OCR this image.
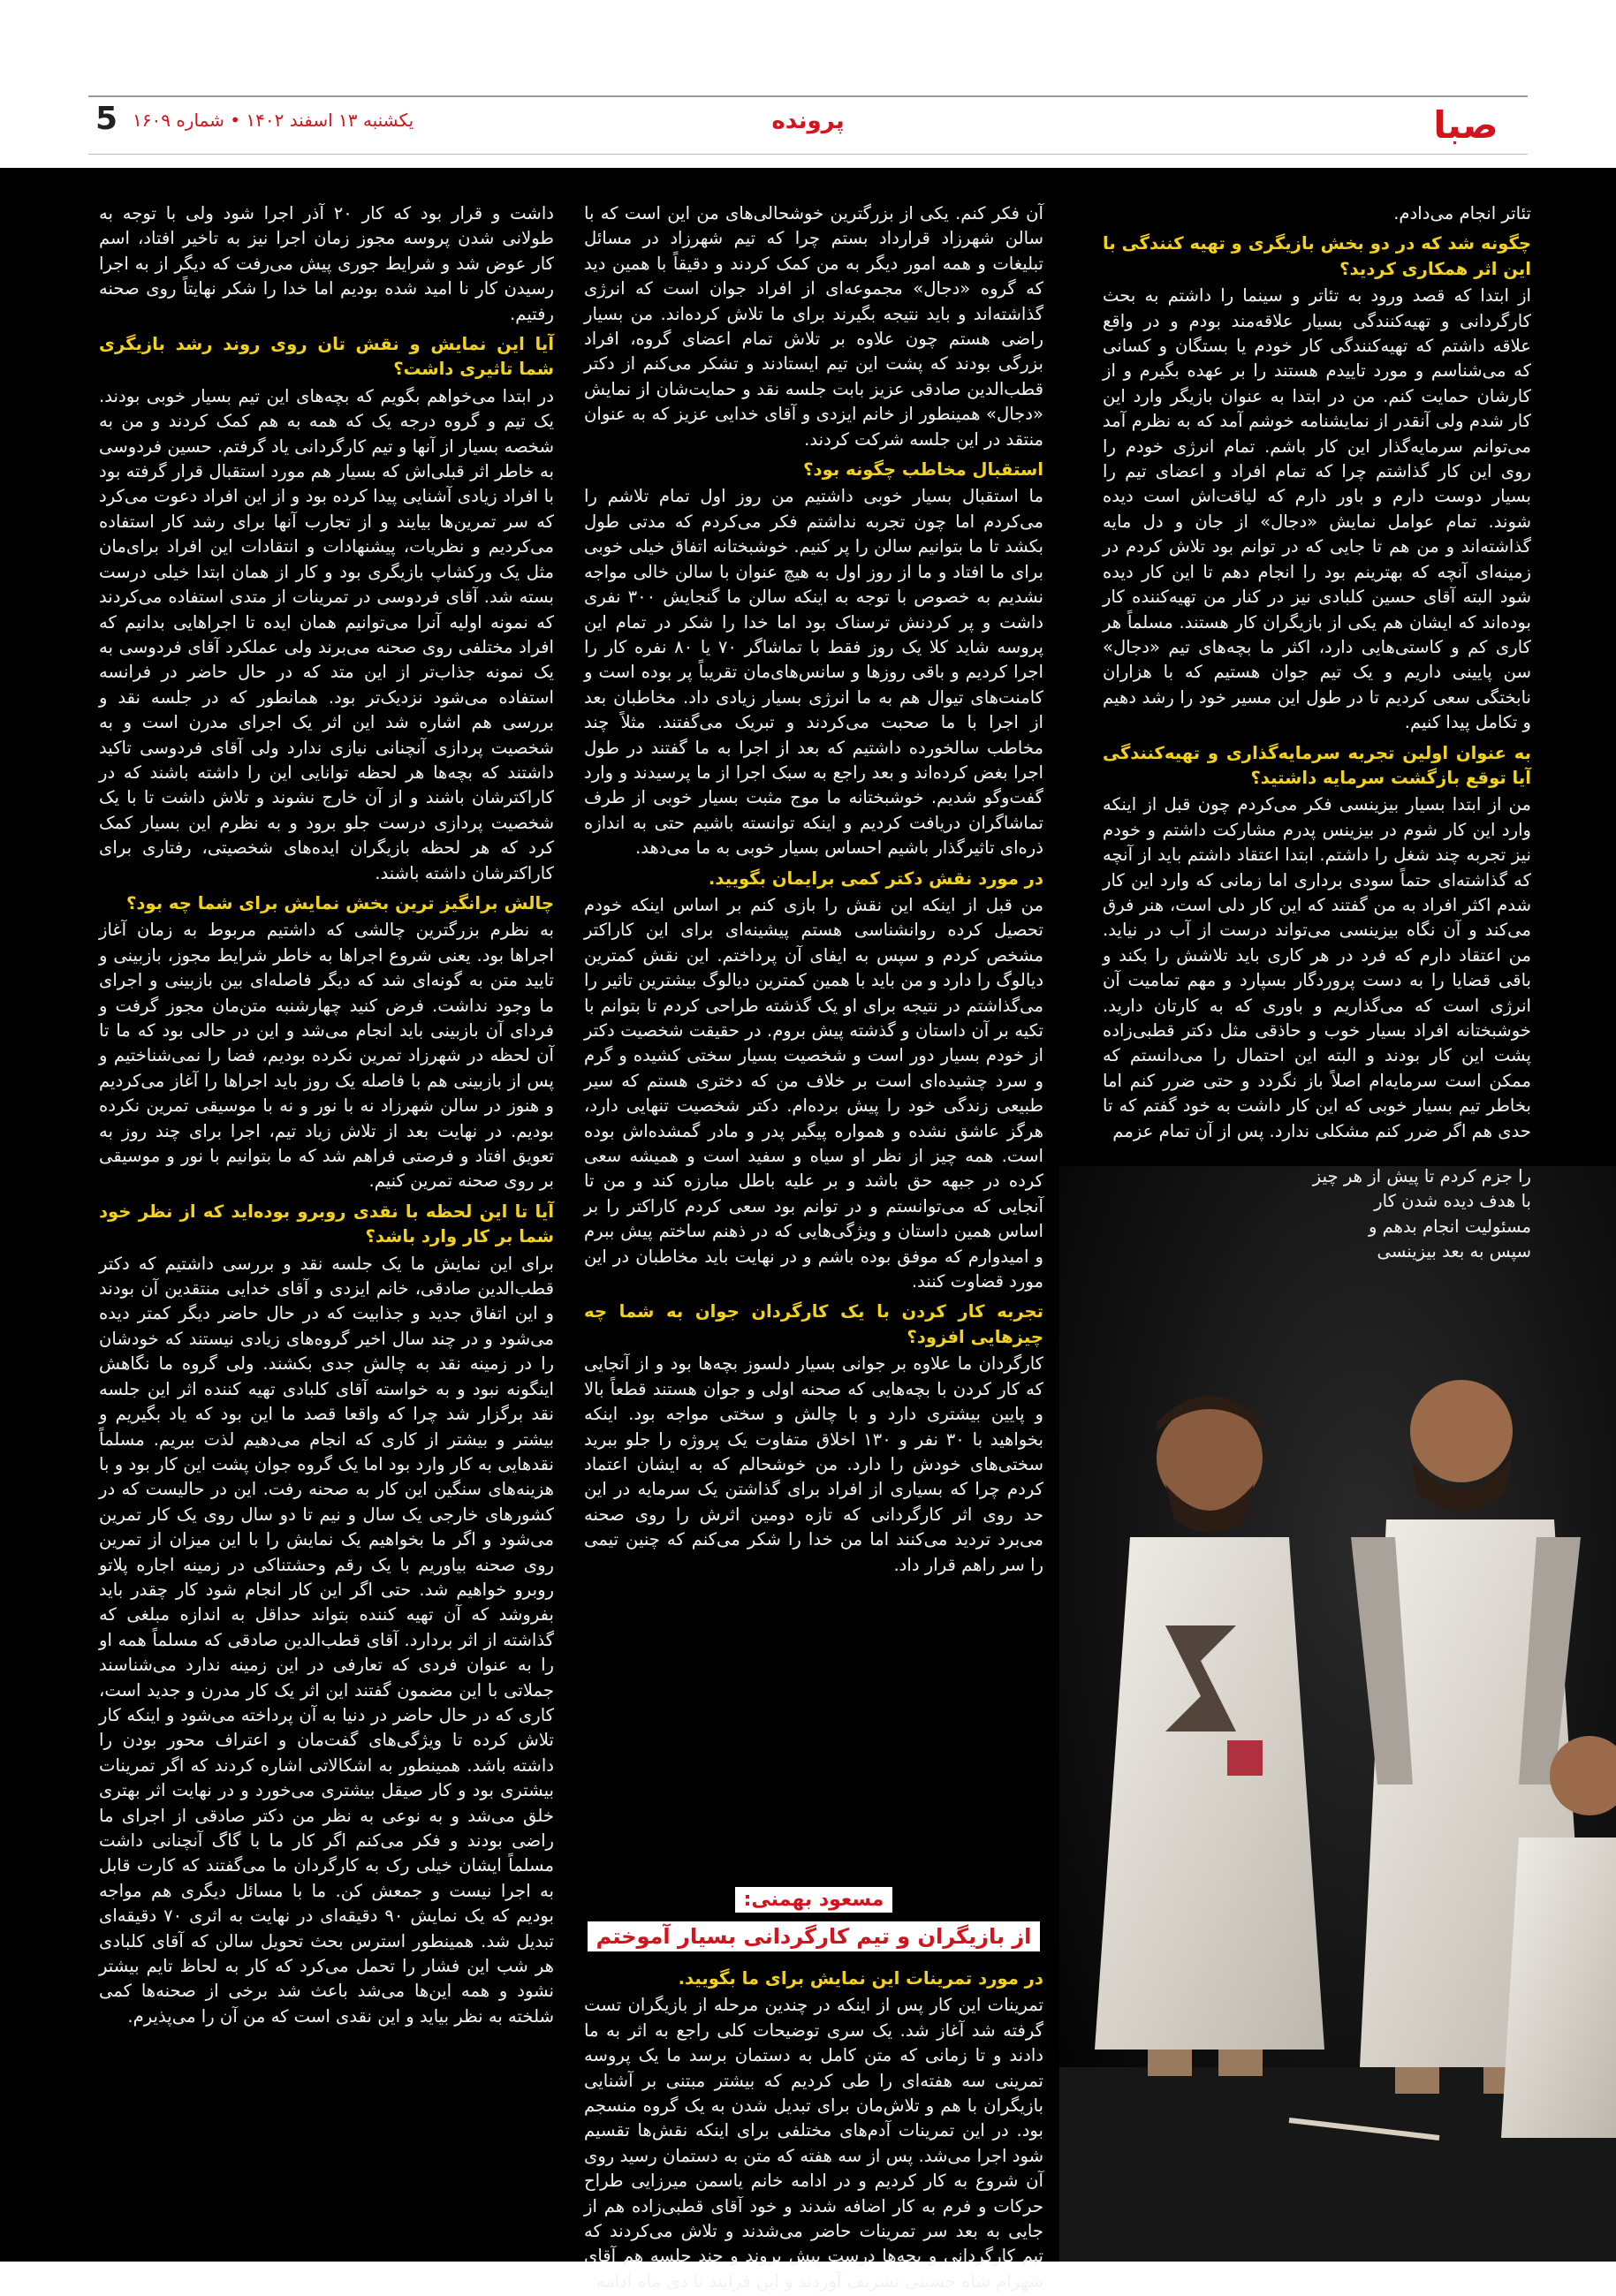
صبا
پرونده
یکشنبه ۱۳ اسفند ۱۴۰۲ • شماره ۱۶۰۹
5

تئاتر انجام می‌دادم.

چگونه شد که در دو بخش بازیگری و تهیه کنندگی با این اثر همکاری کردید؟

از ابتدا که قصد ورود به تئاتر و سینما را داشتم به بحث کارگردانی و تهیه‌کنندگی بسیار علاقه‌مند بودم و در واقع علاقه داشتم که تهیه‌کنندگی کار خودم یا بستگان و کسانی که می‌شناسم و مورد تاییدم هستند را بر عهده بگیرم و از کارشان حمایت کنم. من در ابتدا به عنوان بازیگر وارد این کار شدم ولی آنقدر از نمایشنامه خوشم آمد که به نظرم آمد می‌توانم سرمایه‌گذار این کار باشم. تمام انرژی خودم را روی این کار گذاشتم چرا که تمام افراد و اعضای تیم را بسیار دوست دارم و باور دارم که لیاقت‌اش است دیده شوند. تمام عوامل نمایش «دجال» از جان و دل مایه گذاشته‌اند و من هم تا جایی که در توانم بود تلاش کردم در زمینه‌ای آنچه که بهترینم بود را انجام دهم تا این کار دیده شود البته آقای حسین کلبادی نیز در کنار من تهیه‌کننده کار بوده‌اند که ایشان هم یکی از بازیگران کار هستند. مسلماً هر کاری کم و کاستی‌هایی دارد، اکثر ما بچه‌های تیم «دجال» سن پایینی داریم و یک تیم جوان هستیم که با هزاران نابختگی سعی کردیم تا در طول این مسیر خود را رشد دهیم و تکامل پیدا کنیم.

به عنوان اولین تجربه سرمایه‌گذاری و تهیه‌کنندگی آیا توقع بازگشت سرمایه داشتید؟

من از ابتدا بسیار بیزینسی فکر می‌کردم چون قبل از اینکه وارد این کار شوم در بیزینس پدرم مشارکت داشتم و خودم نیز تجربه چند شغل را داشتم. ابتدا اعتقاد داشتم باید از آنچه که گذاشته‌ای حتماً سودی برداری اما زمانی که وارد این کار شدم اکثر افراد به من گفتند که این کار دلی است، هنر فرق می‌کند و آن نگاه بیزینسی می‌تواند درست از آب در نیاید. من اعتقاد دارم که فرد در هر کاری باید تلاشش را بکند و باقی قضایا را به دست پروردگار بسپارد و مهم تمامیت آن انرژی است که می‌گذاریم و باوری که به کارتان دارید. خوشبختانه افراد بسیار خوب و حاذقی مثل دکتر قطبی‌زاده پشت این کار بودند و البته این احتمال را می‌دانستم که ممکن است سرمایه‌ام اصلاً باز نگردد و حتی ضرر کنم اما بخاطر تیم بسیار خوبی که این کار داشت به خود گفتم که تا حدی هم اگر ضرر کنم مشکلی ندارد. پس از آن تمام عزمم

آن فکر کنم. یکی از بزرگترین خوشحالی‌های من این است که با سالن شهرزاد قرارداد بستم چرا که تیم شهرزاد در مسائل تبلیغات و همه امور دیگر به من کمک کردند و دقیقاً با همین دید که گروه «دجال» مجموعه‌ای از افراد جوان است که انرژی گذاشته‌اند و باید نتیجه بگیرند برای ما تلاش کرده‌اند. من بسیار راضی هستم چون علاوه بر تلاش تمام اعضای گروه، افراد بزرگی بودند که پشت این تیم ایستادند و تشکر می‌کنم از دکتر قطب‌الدین صادقی عزیز بابت جلسه نقد و حمایت‌شان از نمایش «دجال» همینطور از خانم ایزدی و آقای خدایی عزیز که به عنوان منتقد در این جلسه شرکت کردند.

استقبال مخاطب چگونه بود؟

ما استقبال بسیار خوبی داشتیم من روز اول تمام تلاشم را می‌کردم اما چون تجربه نداشتم فکر می‌کردم که مدتی طول بکشد تا ما بتوانیم سالن را پر کنیم. خوشبختانه اتفاق خیلی خوبی برای ما افتاد و ما از روز اول به هیچ عنوان با سالن خالی مواجه نشدیم به خصوص با توجه به اینکه سالن ما گنجایش ۳۰۰ نفری داشت و پر کردنش ترسناک بود اما خدا را شکر در تمام این پروسه شاید کلا یک روز فقط با تماشاگر ۷۰ یا ۸۰ نفره کار را اجرا کردیم و باقی روزها و سانس‌های‌مان تقریباً پر بوده است و کامنت‌های تیوال هم به ما انرژی بسیار زیادی داد. مخاطبان بعد از اجرا با ما صحبت می‌کردند و تبریک می‌گفتند. مثلاً چند مخاطب سالخورده داشتیم که بعد از اجرا به ما گفتند در طول اجرا بغض کرده‌اند و بعد راجع به سبک اجرا از ما پرسیدند و وارد گفت‌وگو شدیم. خوشبختانه ما موج مثبت بسیار خوبی از طرف تماشاگران دریافت کردیم و اینکه توانسته باشیم حتی به اندازه ذره‌ای تاثیرگذار باشیم احساس بسیار خوبی به ما می‌دهد.

در مورد نقش دکتر کمی برایمان بگویید.

من قبل از اینکه این نقش را بازی کنم بر اساس اینکه خودم تحصیل کرده روانشناسی هستم پیشینه‌ای برای این کاراکتر مشخص کردم و سپس به ایفای آن پرداختم. این نقش کمترین دیالوگ را دارد و من باید با همین کمترین دیالوگ بیشترین تاثیر را می‌گذاشتم در نتیجه برای او یک گذشته طراحی کردم تا بتوانم با تکیه بر آن داستان و گذشته پیش بروم. در حقیقت شخصیت دکتر از خودم بسیار دور است و شخصیت بسیار سختی کشیده و گرم و سرد چشیده‌ای است بر خلاف من که دختری هستم که سیر طبیعی زندگی خود را پیش برده‌ام. دکتر شخصیت تنهایی دارد، هرگز عاشق نشده و همواره پیگیر پدر و مادر گمشده‌اش بوده است. همه چیز از نظر او سیاه و سفید است و همیشه سعی کرده در جبهه حق باشد و بر علیه باطل مبارزه کند و من تا آنجایی که می‌توانستم و در توانم بود سعی کردم کاراکتر را بر اساس همین داستان و ویژگی‌هایی که در ذهنم ساختم پیش ببرم و امیدوارم که موفق بوده باشم و در نهایت باید مخاطبان در این مورد قضاوت کنند.

تجربه کار کردن با یک کارگردان جوان به شما چه چیزهایی افزود؟

کارگردان ما علاوه بر جوانی بسیار دلسوز بچه‌ها بود و از آنجایی که کار کردن با بچه‌هایی که صحنه اولی و جوان هستند قطعاً بالا و پایین بیشتری دارد و با چالش و سختی مواجه بود. اینکه بخواهید با ۳۰ نفر و ۱۳۰ اخلاق متفاوت یک پروژه را جلو ببرید سختی‌های خودش را دارد. من خوشحالم که به ایشان اعتماد کردم چرا که بسیاری از افراد برای گذاشتن یک سرمایه در این حد روی اثر کارگردانی که تازه دومین اثرش را روی صحنه می‌برد تردید می‌کنند اما من خدا را شکر می‌کنم که چنین تیمی را سر راهم قرار داد.

در مورد تمرینات این نمایش برای ما بگویید.

تمرینات این کار پس از اینکه در چندین مرحله از بازیگران تست گرفته شد آغاز شد. یک سری توضیحات کلی راجع به اثر به ما دادند و تا زمانی که متن کامل به دستمان برسد ما یک پروسه تمرینی سه هفته‌ای را طی کردیم که بیشتر مبتنی بر آشنایی بازیگران با هم و تلاش‌مان برای تبدیل شدن به یک گروه منسجم بود. در این تمرینات آدم‌های مختلفی برای اینکه نقش‌ها تقسیم شود اجرا می‌شد. پس از سه هفته که متن به دستمان رسید روی آن شروع به کار کردیم و در ادامه خانم یاسمن میرزایی طراح حرکات و فرم به کار اضافه شدند و خود آقای قطبی‌زاده هم از جایی به بعد سر تمرینات حاضر می‌شدند و تلاش می‌کردند که تیم کارگردانی و بچه‌ها درست پیش بروند و چند جلسه هم آقای شهرام شاه حسینی تشریف آوردند و این فرایند تا دی ماه ادامه

مسعود بهمنی:
از بازیگران و تیم کارگردانی بسیار آموختم

داشت و قرار بود که کار ۲۰ آذر اجرا شود ولی با توجه به طولانی شدن پروسه مجوز زمان اجرا نیز به تاخیر افتاد، اسم کار عوض شد و شرایط جوری پیش می‌رفت که دیگر از به اجرا رسیدن کار نا امید شده بودیم اما خدا را شکر نهایتاً روی صحنه رفتیم.

آیا این نمایش و نقش تان روی روند رشد بازیگری شما تاثیری داشت؟

در ابتدا می‌خواهم بگویم که بچه‌های این تیم بسیار خوبی بودند. یک تیم و گروه درجه یک که همه به هم کمک کردند و من به شخصه بسیار از آنها و تیم کارگردانی یاد گرفتم. حسین فردوسی به خاطر اثر قبلی‌اش که بسیار هم مورد استقبال قرار گرفته بود با افراد زیادی آشنایی پیدا کرده بود و از این افراد دعوت می‌کرد که سر تمرین‌ها بیایند و از تجارب آنها برای رشد کار استفاده می‌کردیم و نظریات، پیشنهادات و انتقادات این افراد برای‌مان مثل یک ورکشاپ بازیگری بود و کار از همان ابتدا خیلی درست بسته شد. آقای فردوسی در تمرینات از متدی استفاده می‌کردند که نمونه اولیه آنرا می‌توانیم همان ایده تا اجراهایی بدانیم که افراد مختلفی روی صحنه می‌برند ولی عملکرد آقای فردوسی به یک نمونه جذاب‌تر از این متد که در حال حاضر در فرانسه استفاده می‌شود نزدیک‌تر بود. همانطور که در جلسه نقد و بررسی هم اشاره شد این اثر یک اجرای مدرن است و به شخصیت پردازی آنچنانی نیازی ندارد ولی آقای فردوسی تاکید داشتند که بچه‌ها هر لحظه توانایی این را داشته باشند که در کاراکترشان باشند و از آن خارج نشوند و تلاش داشت تا با یک شخصیت پردازی درست جلو برود و به نظرم این بسیار کمک کرد که هر لحظه بازیگران ایده‌های شخصیتی، رفتاری برای کاراکترشان داشته باشند.

چالش برانگیز ترین بخش نمایش برای شما چه بود؟

به نظرم بزرگترین چالشی که داشتیم مربوط به زمان آغاز اجراها بود. یعنی شروع اجراها به خاطر شرایط مجوز، بازبینی و تایید متن به گونه‌ای شد که دیگر فاصله‌ای بین بازبینی و اجرای ما وجود نداشت. فرض کنید چهارشنبه متن‌مان مجوز گرفت و فردای آن بازبینی باید انجام می‌شد و این در حالی بود که ما تا آن لحظه در شهرزاد تمرین نکرده بودیم، فضا را نمی‌شناختیم و پس از بازبینی هم با فاصله یک روز باید اجراها را آغاز می‌کردیم و هنوز در سالن شهرزاد نه با نور و نه با موسیقی تمرین نکرده بودیم. در نهایت بعد از تلاش زیاد تیم، اجرا برای چند روز به تعویق افتاد و فرصتی فراهم شد که ما بتوانیم با نور و موسیقی بر روی صحنه تمرین کنیم.

آیا تا این لحظه با نقدی روبرو بوده‌اید که از نظر خود شما بر کار وارد باشد؟

برای این نمایش ما یک جلسه نقد و بررسی داشتیم که دکتر قطب‌الدین صادقی، خانم ایزدی و آقای خدایی منتقدین آن بودند و این اتفاق جدید و جذابیت که در حال حاضر دیگر کمتر دیده می‌شود و در چند سال اخیر گروه‌های زیادی نیستند که خودشان را در زمینه نقد به چالش جدی بکشند. ولی گروه ما نگاهش اینگونه نبود و به خواسته آقای کلبادی تهیه کننده اثر این جلسه نقد برگزار شد چرا که واقعا قصد ما این بود که یاد بگیریم و بیشتر و بیشتر از کاری که انجام می‌دهیم لذت ببریم. مسلماً نقدهایی به کار وارد بود اما یک گروه جوان پشت این کار بود و با هزینه‌های سنگین این کار به صحنه رفت. این در حالیست که در کشورهای خارجی یک سال و نیم تا دو سال روی یک کار تمرین می‌شود و اگر ما بخواهیم یک نمایش را با این میزان از تمرین روی صحنه بیاوریم با یک رقم وحشتناکی در زمینه اجاره پلاتو روبرو خواهیم شد. حتی اگر این کار انجام شود کار چقدر باید بفروشد که آن تهیه کننده بتواند حداقل به اندازه مبلغی که گذاشته از اثر بردارد. آقای قطب‌الدین صادقی که مسلماً همه او را به عنوان فردی که تعارفی در این زمینه ندارد می‌شناسند جملاتی با این مضمون گفتند این اثر یک کار مدرن و جدید است، کاری که در حال حاضر در دنیا به آن پرداخته می‌شود و اینکه کار تلاش کرده تا ویژگی‌های گفت‌مان و اعتراف محور بودن را داشته باشد. همینطور به اشکالاتی اشاره کردند که اگر تمرینات بیشتری بود و کار صیقل بیشتری می‌خورد و در نهایت اثر بهتری خلق می‌شد و به نوعی به نظر من دکتر صادقی از اجرای ما راضی بودند و فکر می‌کنم اگر کار ما با گاگ آنچنانی داشت مسلماً ایشان خیلی رک به کارگردان ما می‌گفتند که کارت قابل به اجرا نیست و جمعش کن. ما با مسائل دیگری هم مواجه بودیم که یک نمایش ۹۰ دقیقه‌ای در نهایت به اثری ۷۰ دقیقه‌ای تبدیل شد. همینطور استرس بحث تحویل سالن که آقای کلبادی هر شب این فشار را تحمل می‌کرد که کار به لحاظ تایم بیشتر نشود و همه این‌ها می‌شد باعث شد برخی از صحنه‌ها کمی شلخته به نظر بیاید و این نقدی است که من آن را می‌پذیرم.

را جزم کردم تا پیش از هر چیز
با هدف دیده شدن کار
مسئولیت انجام بدهم و
سپس به بعد بیزینسی
